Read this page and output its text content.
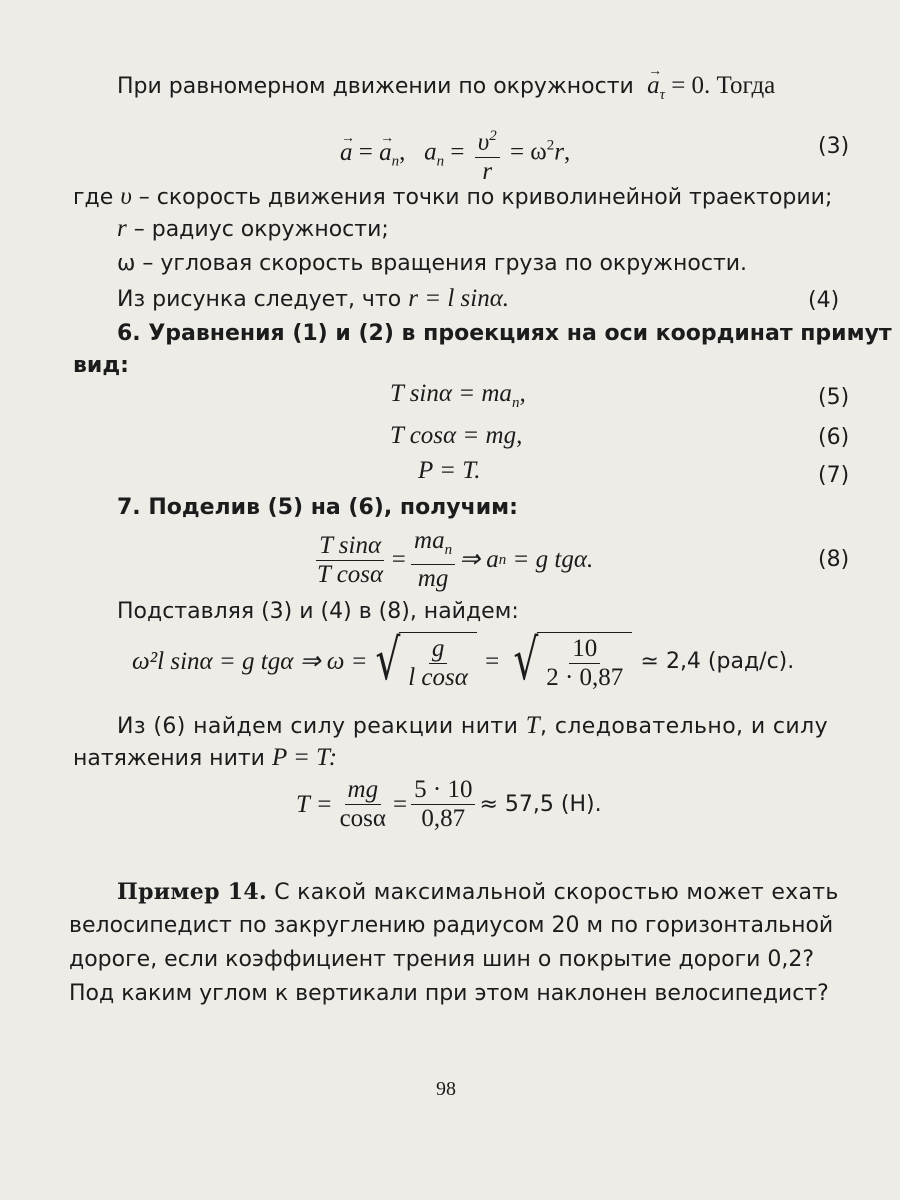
При равномерном движении по окружности  → $a_\tau = 0$. Тогда
→ a = → $a_n$,   $a_n = \frac{\upsilon^2}{r} = \omega^2r$,	(3)
где υ – скорость движения точки по криволинейной траектории;
r – радиус окружности;
ω – угловая скорость вращения груза по окружности.
Из рисунка следует, что r = l sinα.	(4)
6. Уравнения (1) и (2) в проекциях на оси координат примут
вид:
T $\sin\alpha = ma_n$,	(5)
T cosα = mg,	(6)
P = T.	(7)
7. Поделив (5) на (6), получим:
$\frac{\text{T sinα}}{\text{T cosα}} = \frac{ma_n}{mg}$ ⇒ a n
= g tgα.	(8)
Подставляя (3) и (4) в (8), найдем:
ω²l sinα = g tgα ⇒ ω = √ $\frac{g}{\text{l cosα}}$ = √ $\frac{10}{2 \cdot 0,87}$
≃ 2,4 (рад/с).
Из (6) найдем силу реакции нити T, следовательно, и силу
натяжения нити P = T:
$T = \frac{mg}{\cos\alpha} = \frac{5 \cdot 10}{0,87} \approx 57,5$ (Н).
Пример 14. С какой максимальной скоростью может ехать
велосипедист по закруглению радиусом 20 м по горизонтальной
дороге, если коэффициент трения шин о покрытие дороги 0,2?
Под каким углом к вертикали при этом наклонен велосипедист?
98
